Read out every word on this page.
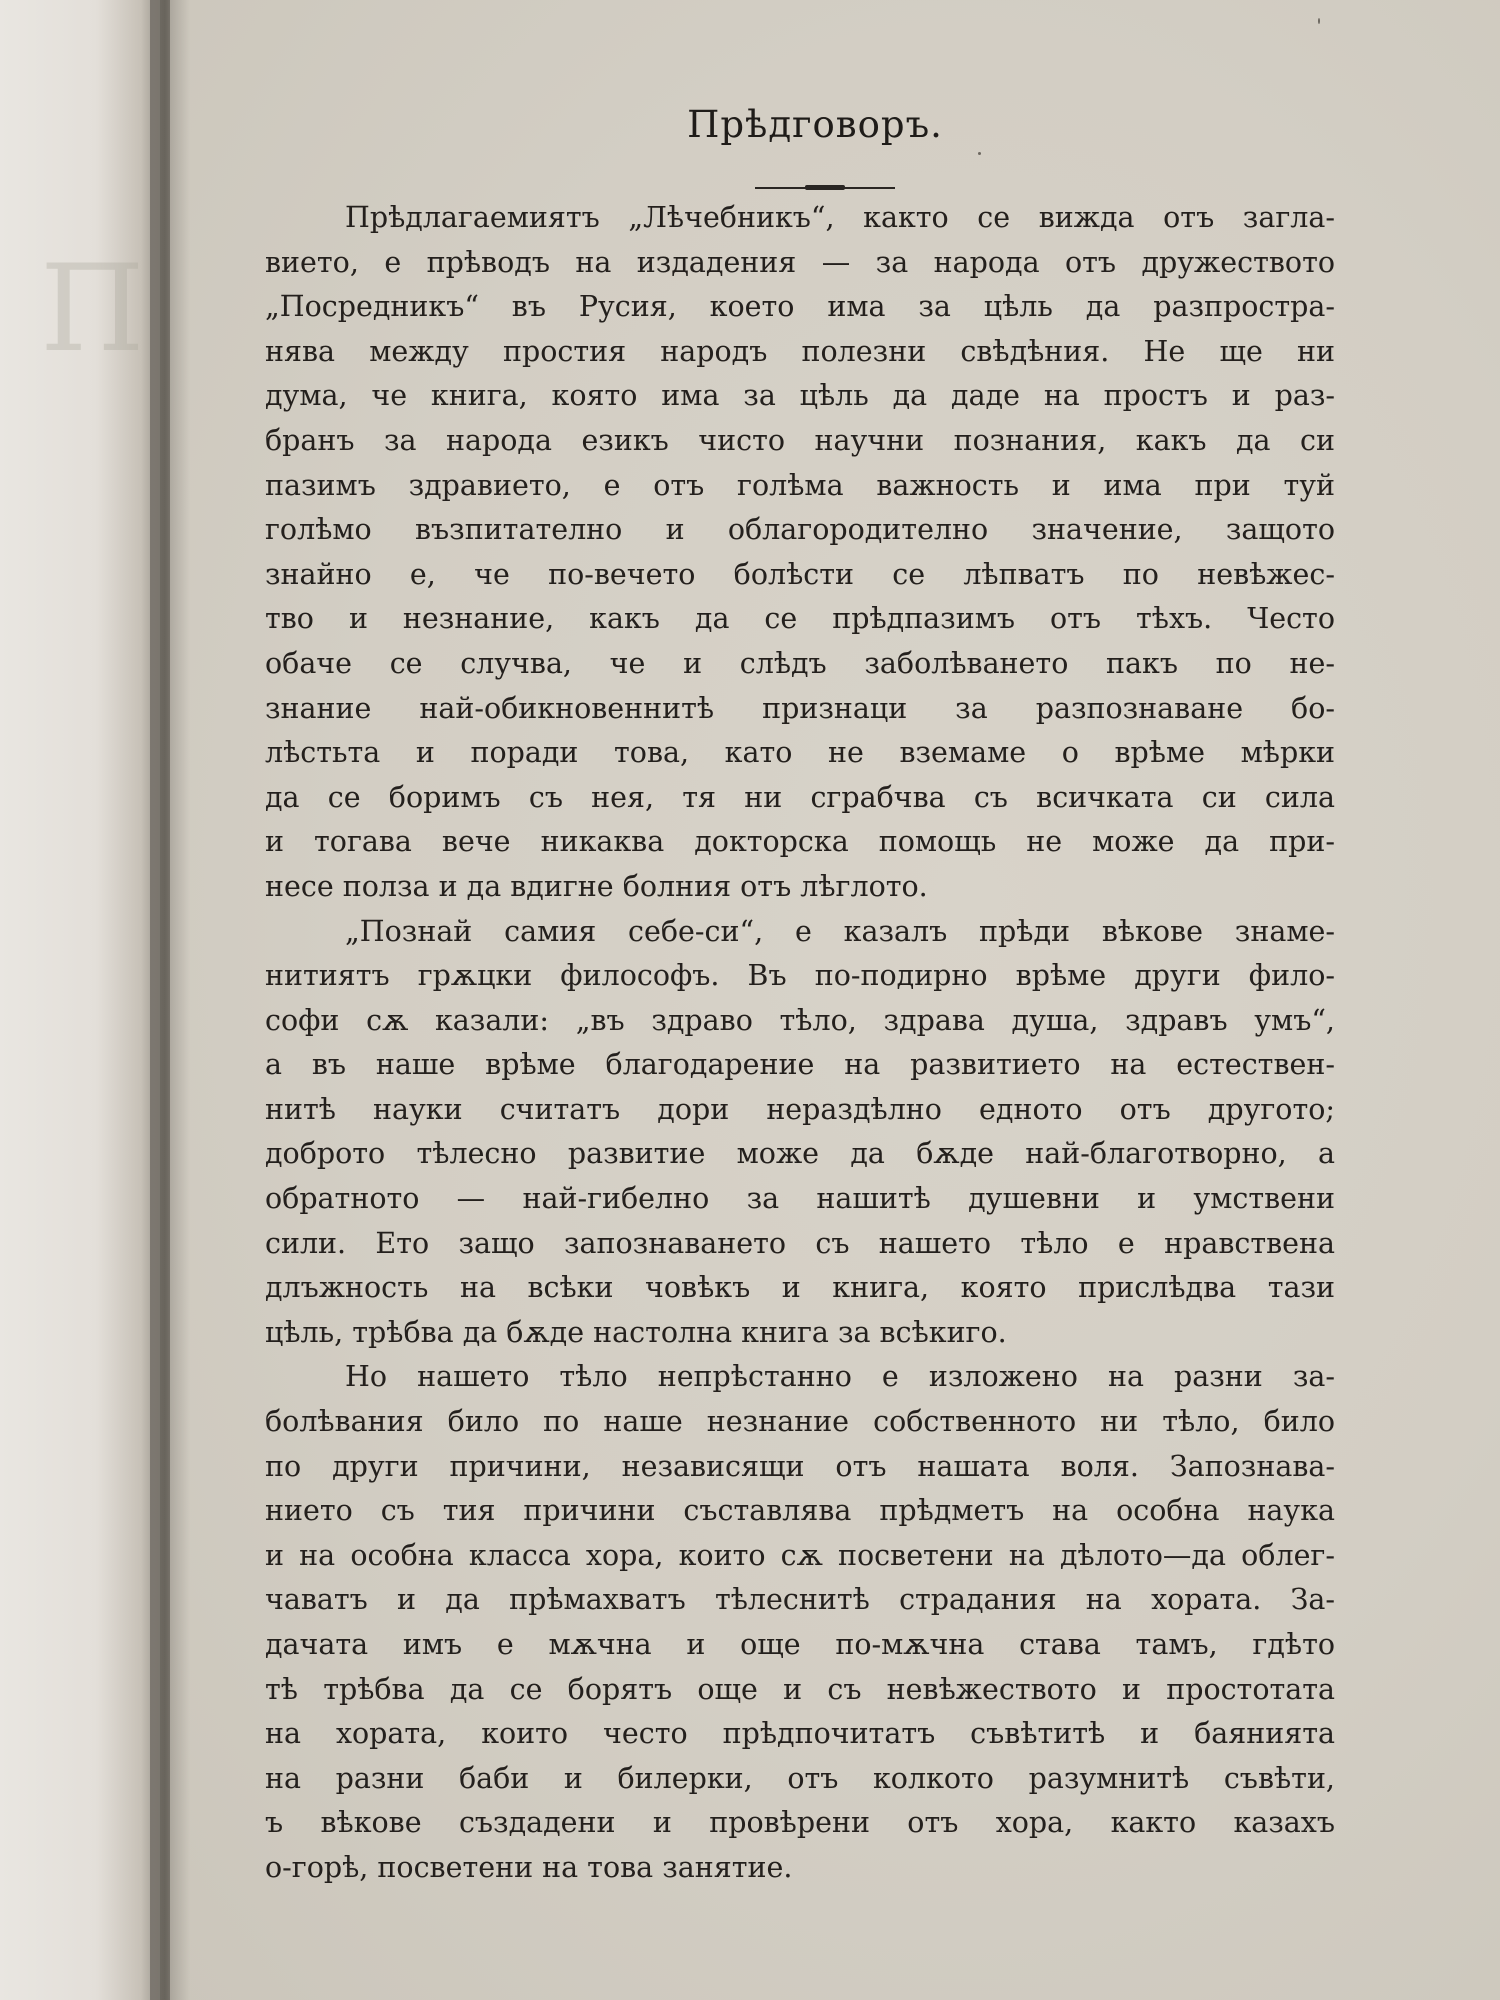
П
Прѣдговоръ.
Прѣдлагаемиятъ „Лѣчебникъ“, както се вижда отъ загла-
вието, е прѣводъ на издадения — за народа отъ дружеството
„Посредникъ“ въ Русия, което има за цѣль да разпростра-
нява между простия народъ полезни свѣдѣния. Не ще ни
дума, че книга, която има за цѣль да даде на простъ и раз-
бранъ за народа езикъ чисто научни познания, какъ да си
пазимъ здравието, е отъ голѣма важность и има при туй
голѣмо възпитателно и облагородително значение, защото
знайно е, че по-вечето болѣсти се лѣпватъ по невѣжес-
тво и незнание, какъ да се прѣдпазимъ отъ тѣхъ. Често
обаче се случва, че и слѣдъ заболѣването пакъ по не-
знание най-обикновеннитѣ признаци за разпознаване бо-
лѣстьта и поради това, като не вземаме о врѣме мѣрки
да се боримъ съ нея, тя ни сграбчва съ всичката си сила
и тогава вече никаква докторска помощь не може да при-
несе полза и да вдигне болния отъ лѣглото.
„Познай самия себе-си“, е казалъ прѣди вѣкове знаме-
нитиятъ грѫцки философъ. Въ по-подирно врѣме други фило-
софи сѫ казали: „въ здраво тѣло, здрава душа, здравъ умъ“,
а въ наше врѣме благодарение на развитието на естествен-
нитѣ науки считатъ дори нераздѣлно едното отъ другото;
доброто тѣлесно развитие може да бѫде най-благотворно, а
обратното — най-гибелно за нашитѣ душевни и умствени
сили. Ето защо запознаването съ нашето тѣло е нравствена
длъжность на всѣки човѣкъ и книга, която прислѣдва тази
цѣль, трѣбва да бѫде настолна книга за всѣкиго.
Но нашето тѣло непрѣстанно е изложено на разни за-
болѣвания било по наше незнание собственното ни тѣло, било
по други причини, независящи отъ нашата воля. Запознава-
нието съ тия причини съставлява прѣдметъ на особна наука
и на особна класса хора, които сѫ посветени на дѣлото—да облег-
чаватъ и да прѣмахватъ тѣлеснитѣ страдания на хората. За-
дачата имъ е мѫчна и още по-мѫчна става тамъ, гдѣто
тѣ трѣбва да се борятъ още и съ невѣжеството и простотата
на хората, които често прѣдпочитатъ съвѣтитѣ и баянията
на разни баби и билерки, отъ колкото разумнитѣ съвѣти,
ъ вѣкове създадени и провѣрени отъ хора, както казахъ
о-горѣ, посветени на това занятие.
